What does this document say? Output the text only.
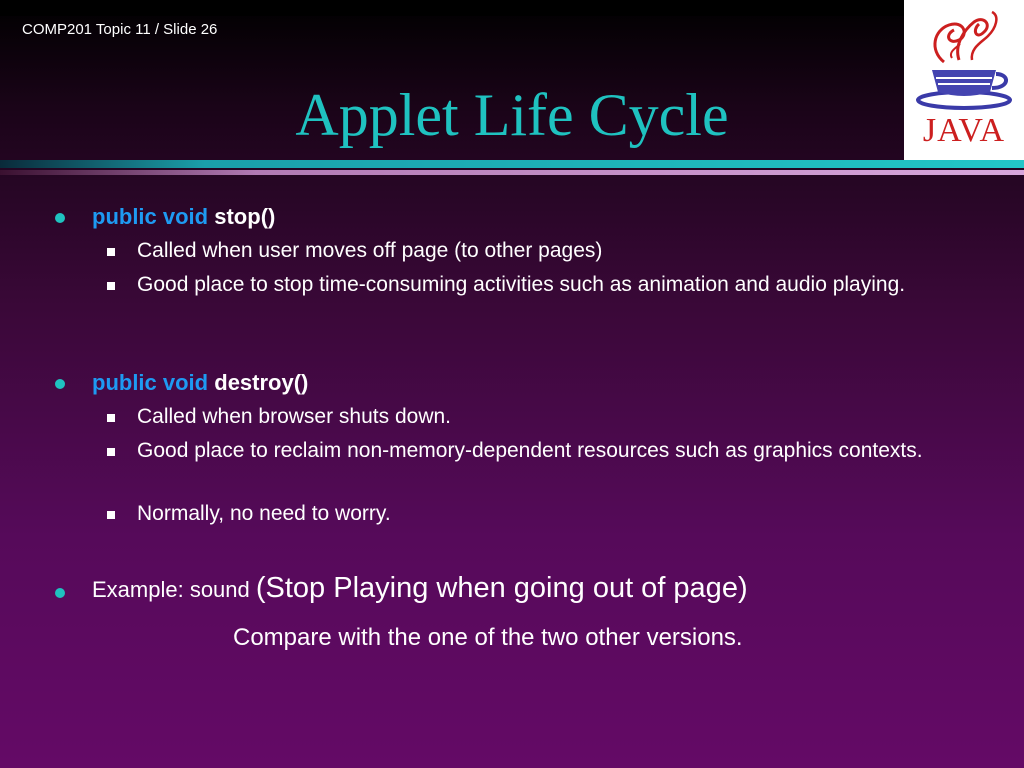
COMP201 Topic 11 / Slide 26
Applet Life Cycle	JAVA
public void stop()
Called when user moves off page (to other pages)
Good place to stop time-consuming activities such as animation and audio playing.
public void destroy()
Called when browser shuts down.
Good place to reclaim non-memory-dependent resources such as graphics contexts.
Normally, no need to worry.
Example: sound (Stop Playing when going out of page)
Compare with the one of the two other versions.
